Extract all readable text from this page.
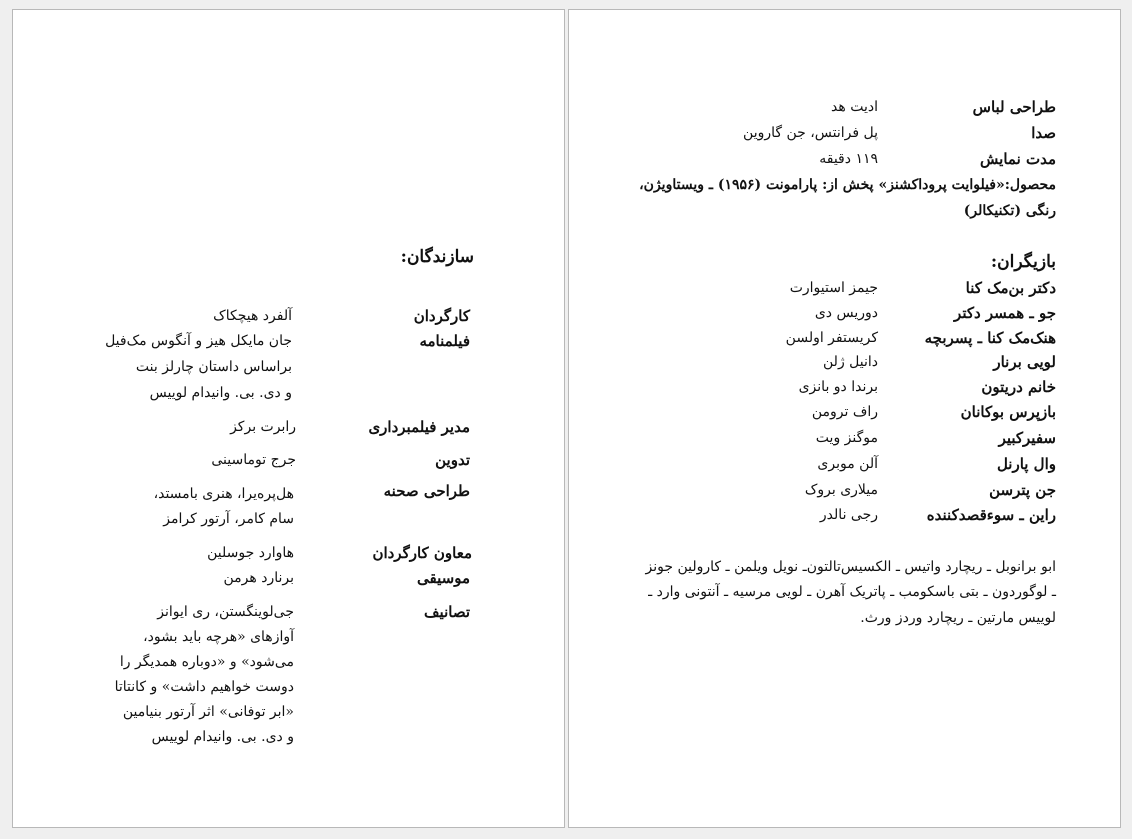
سازندگان:
کارگردان
آلفرد هیچکاک
فیلمنامه
جان مایکل هیز و آنگوس مک‌فیل
براساس داستان چارلز بنت
و دی. بی. وانیدام لوییس
مدیر فیلمبرداری
رابرت برکز
تدوین
جرج توماسینی
طراحی صحنه
هل‌پره‌یرا، هنری بامستد،
سام کامر، آرتور کرامز
معاون کارگردان
هاوارد جوسلین
موسیقی
برنارد هرمن
تصانیف
جی‌لوینگستن، ری ایوانز
آوازهای «هرچه باید بشود،
می‌شود» و «دوباره همدیگر را
دوست خواهیم داشت» و کانتاتا
«ابر توفانی» اثر آرتور بنیامین
و دی. بی. وانیدام لوییس
طراحی لباس
ادیت هد
صدا
پل فرانتس، جن گاروین
مدت نمایش
۱۱۹ دقیقه
محصول:«فیلوایت پروداکشنز» پخش از: پارامونت (۱۹۵۶) ـ ویستاویژن،
رنگی (تکنیکالر)
بازیگران:
دکتر بن‌مک کنا
جیمز استیوارت
جو ـ همسر دکتر
دوریس دی
هنک‌مک کنا ـ پسربچه
کریستفر اولسن
لویی برنار
دانیل ژلن
خانم دریتون
برندا دو بانزی
بازپرس بوکانان
راف ترومن
سفیرکبیر
موگنز ویت
وال پارنل
آلن موبری
جن پترسن
میلاری بروک
راین ـ سوءقصدکننده
رجی نالدر
ابو برانوبل ـ ریچارد واتیس ـ الکسیس‌تالتون‌ـ نویل ویلمن ـ کارولین جونز
ـ لوگوردون ـ بتی باسکومب ـ پاتریک آهرن ـ لویی مرسیه ـ آنتونی وارد ـ
لوییس مارتین ـ ریچارد وردز ورث.
